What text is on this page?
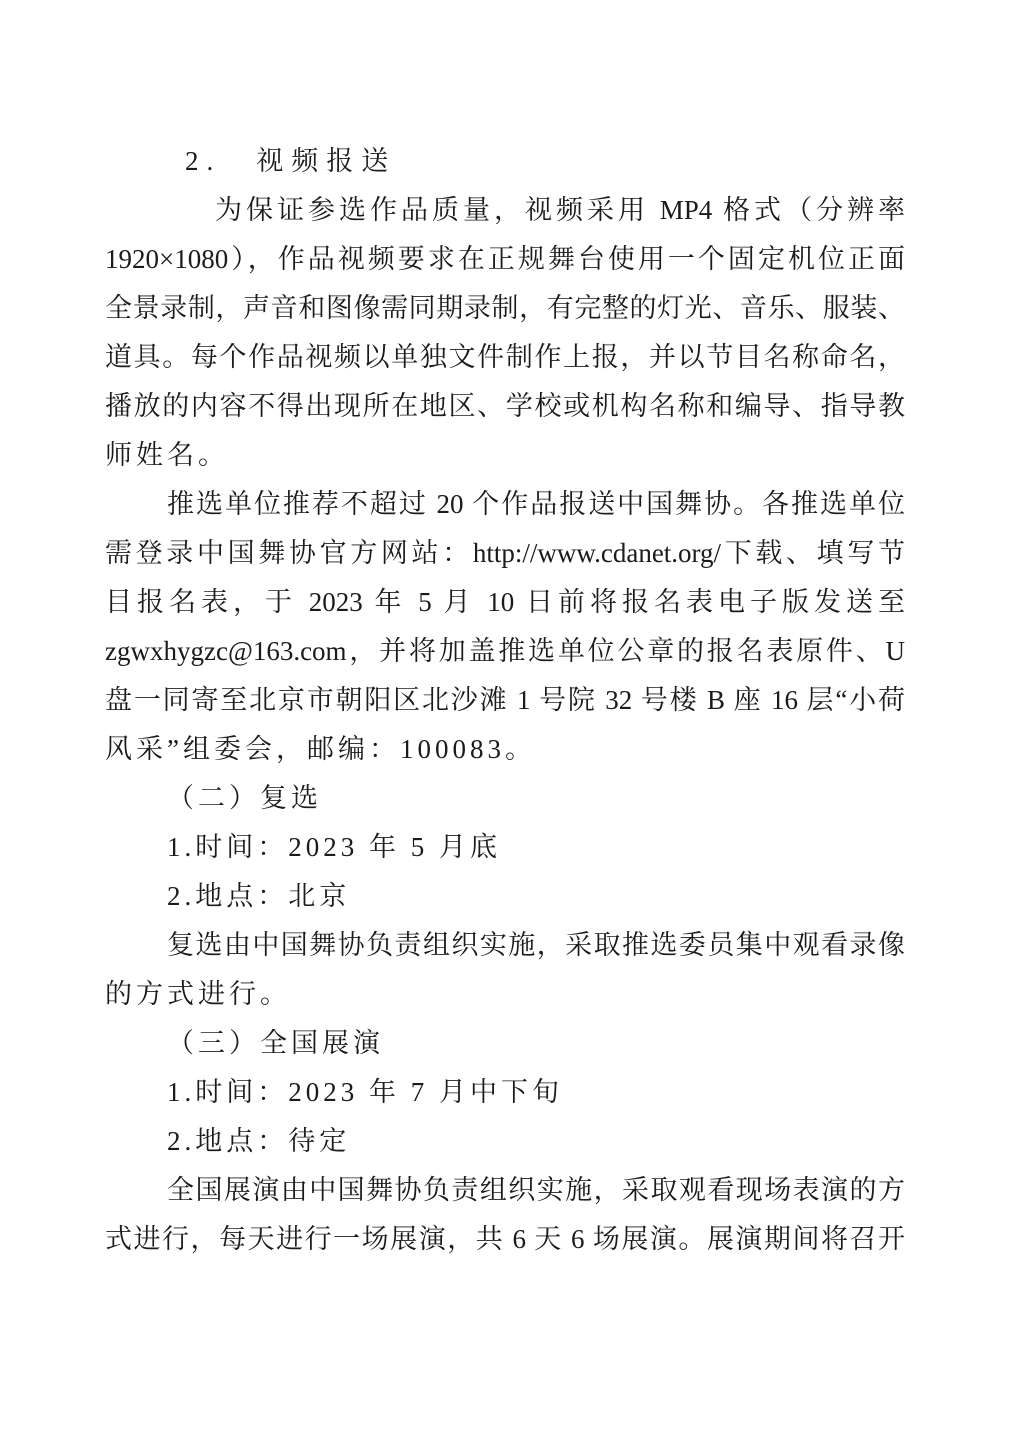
2.　视频报送
为保证参选作品质量，视频采用 MP4 格式（分辨率
1920×1080），作品视频要求在正规舞台使用一个固定机位正面
全景录制，声音和图像需同期录制，有完整的灯光、音乐、服装、
道具。每个作品视频以单独文件制作上报，并以节目名称命名，
播放的内容不得出现所在地区、学校或机构名称和编导、指导教
师姓名。
推选单位推荐不超过 20 个作品报送中国舞协。各推选单位
需登录中国舞协官方网站：http://www.cdanet.org/下载、填写节
目报名表，于 2023 年 5 月 10 日前将报名表电子版发送至
zgwxhygzc@163.com，并将加盖推选单位公章的报名表原件、U
盘一同寄至北京市朝阳区北沙滩 1 号院 32 号楼 B 座 16 层“小荷
风采”组委会，邮编：100083。
（二）复选
1.时间：2023 年 5 月底
2.地点：北京
复选由中国舞协负责组织实施，采取推选委员集中观看录像
的方式进行。
（三）全国展演
1.时间：2023 年 7 月中下旬
2.地点：待定
全国展演由中国舞协负责组织实施，采取观看现场表演的方
式进行，每天进行一场展演，共 6 天 6 场展演。展演期间将召开
